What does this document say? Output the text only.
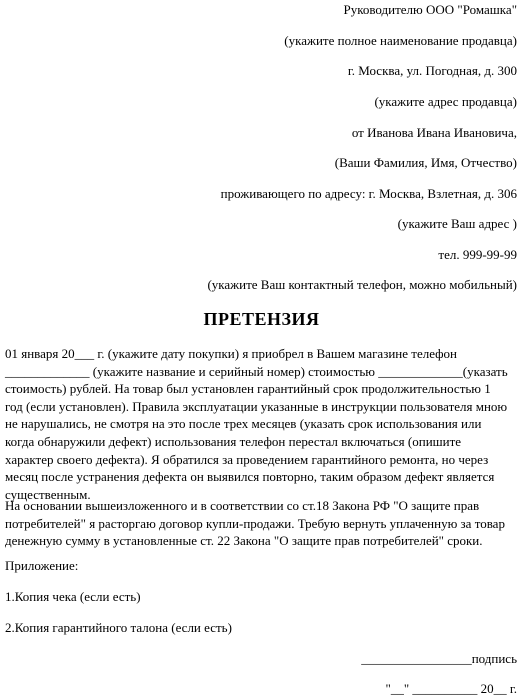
Руководителю ООО "Ромашка"
(укажите полное наименование продавца)
г. Москва, ул. Погодная, д. 300
(укажите адрес продавца)
от Иванова Ивана Ивановича,
(Ваши Фамилия, Имя, Отчество)
проживающего по адресу: г. Москва, Взлетная, д. 306
(укажите Ваш адрес )
тел. 999-99-99
(укажите Ваш контактный телефон, можно мобильный)
ПРЕТЕНЗИЯ

01 января 20___ г. (укажите дату покупки) я приобрел в Вашем магазине телефон

_____________ (укажите название и серийный номер) стоимостью _____________(указать

стоимость) рублей. На товар был установлен гарантийный срок продолжительностью 1

год (если установлен). Правила эксплуатации указанные в инструкции пользователя мною

не нарушались, не смотря на это после трех месяцев (указать срок использования или

когда обнаружили дефект) использования телефон перестал включаться (опишите

характер своего дефекта). Я обратился за проведением гарантийного ремонта, но через

месяц после устранения дефекта он выявился повторно, таким образом дефект является

существенным.

На основании вышеизложенного и в соответствии со ст.18 Закона РФ "О защите прав

потребителей" я расторгаю договор купли-продажи. Требую вернуть уплаченную за товар

денежную сумму в установленные ст. 22 Закона "О защите прав потребителей" сроки.

Приложение:
1.Копия чека (если есть)
2.Копия гарантийного талона (если есть)
_________________подпись
"__" __________ 20__ г.
